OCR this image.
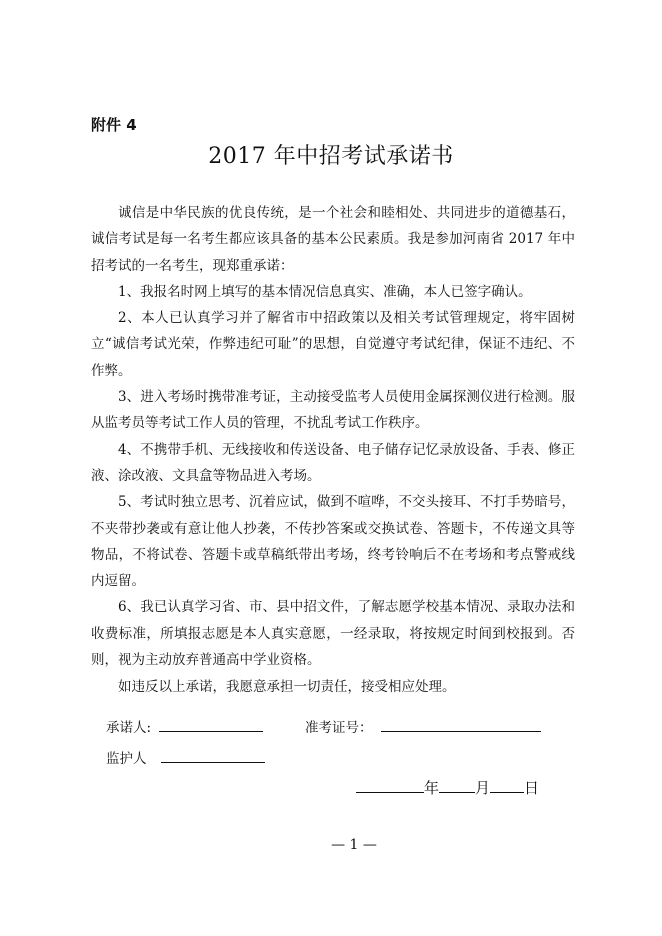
附件 4
2017 年中招考试承诺书

诚信是中华民族的优良传统，是一个社会和睦相处、共同进步的道德基石，诚信考试是每一名考生都应该具备的基本公民素质。我是参加河南省 2017 年中招考试的一名考生，现郑重承诺：

1、我报名时网上填写的基本情况信息真实、准确，本人已签字确认。

2、本人已认真学习并了解省市中招政策以及相关考试管理规定，将牢固树立“诚信考试光荣，作弊违纪可耻”的思想，自觉遵守考试纪律，保证不违纪、不作弊。

3、进入考场时携带准考证，主动接受监考人员使用金属探测仪进行检测。服从监考员等考试工作人员的管理，不扰乱考试工作秩序。

4、不携带手机、无线接收和传送设备、电子储存记忆录放设备、手表、修正液、涂改液、文具盒等物品进入考场。

5、考试时独立思考、沉着应试，做到不喧哗，不交头接耳、不打手势暗号，不夹带抄袭或有意让他人抄袭，不传抄答案或交换试卷、答题卡，不传递文具等物品，不将试卷、答题卡或草稿纸带出考场，终考铃响后不在考场和考点警戒线内逗留。

6、我已认真学习省、市、县中招文件，了解志愿学校基本情况、录取办法和收费标准，所填报志愿是本人真实意愿，一经录取，将按规定时间到校报到。否则，视为主动放弃普通高中学业资格。

如违反以上承诺，我愿意承担一切责任，接受相应处理。

承诺人:	准考证号：
监护人
年 月 日
— 1 —
